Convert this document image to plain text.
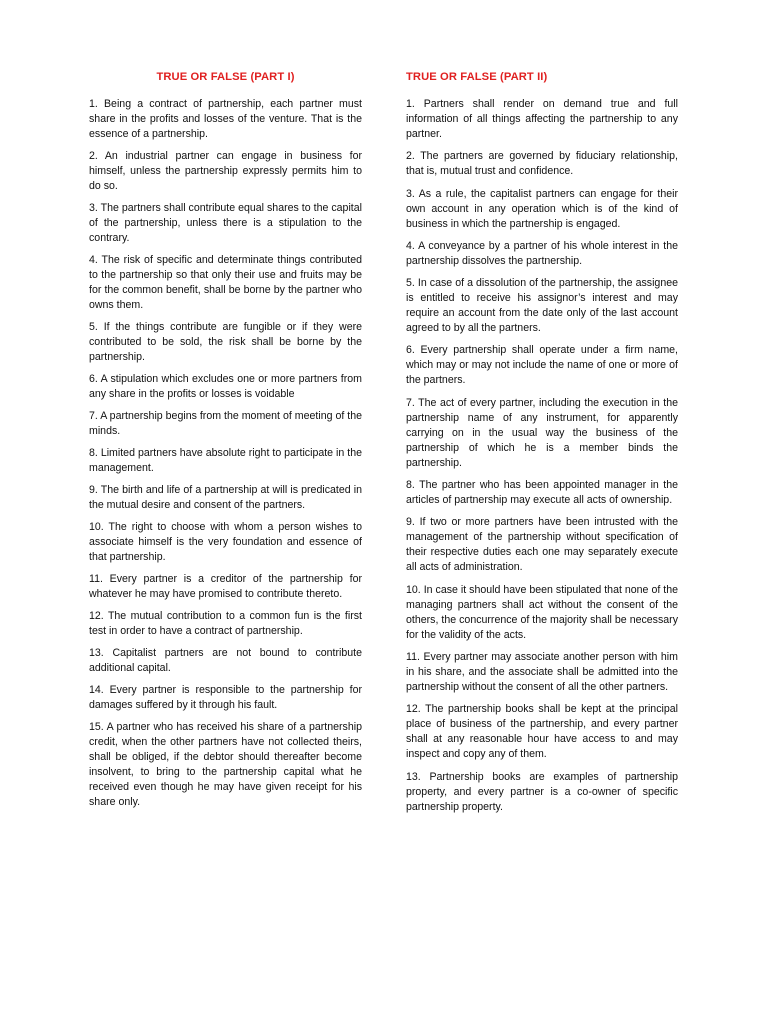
TRUE OR FALSE (PART I)

1. Being a contract of partnership, each partner must share in the profits and losses of the venture. That is the essence of a partnership.

2. An industrial partner can engage in business for himself, unless the partnership expressly permits him to do so.

3. The partners shall contribute equal shares to the capital of the partnership, unless there is a stipulation to the contrary.

4. The risk of specific and determinate things contributed to the partnership so that only their use and fruits may be for the common benefit, shall be borne by the partner who owns them.

5. If the things contribute are fungible or if they were contributed to be sold, the risk shall be borne by the partnership.

6. A stipulation which excludes one or more partners from any share in the profits or losses is voidable

7. A partnership begins from the moment of meeting of the minds.

8. Limited partners have absolute right to participate in the management.

9. The birth and life of a partnership at will is predicated in the mutual desire and consent of the partners.

10. The right to choose with whom a person wishes to associate himself is the very foundation and essence of that partnership.

11. Every partner is a creditor of the partnership for whatever he may have promised to contribute thereto.

12. The mutual contribution to a common fun is the first test in order to have a contract of partnership.

13. Capitalist partners are not bound to contribute additional capital.

14. Every partner is responsible to the partnership for damages suffered by it through his fault.

15. A partner who has received his share of a partnership credit, when the other partners have not collected theirs, shall be obliged, if the debtor should thereafter become insolvent, to bring to the partnership capital what he received even though he may have given receipt for his share only.

TRUE OR FALSE (PART II)

1. Partners shall render on demand true and full information of all things affecting the partnership to any partner.

2. The partners are governed by fiduciary relationship, that is, mutual trust and confidence.

3. As a rule, the capitalist partners can engage for their own account in any operation which is of the kind of business in which the partnership is engaged.

4. A conveyance by a partner of his whole interest in the partnership dissolves the partnership.

5. In case of a dissolution of the partnership, the assignee is entitled to receive his assignor’s interest and may require an account from the date only of the last account agreed to by all the partners.

6. Every partnership shall operate under a firm name, which may or may not include the name of one or more of the partners.

7. The act of every partner, including the execution in the partnership name of any instrument, for apparently carrying on in the usual way the business of the partnership of which he is a member binds the partnership.

8. The partner who has been appointed manager in the articles of partnership may execute all acts of ownership.

9. If two or more partners have been intrusted with the management of the partnership without specification of their respective duties each one may separately execute all acts of administration.

10. In case it should have been stipulated that none of the managing partners shall act without the consent of the others, the concurrence of the majority shall be necessary for the validity of the acts.

11. Every partner may associate another person with him in his share, and the associate shall be admitted into the partnership without the consent of all the other partners.

12. The partnership books shall be kept at the principal place of business of the partnership, and every partner shall at any reasonable hour have access to and may inspect and copy any of them.

13. Partnership books are examples of partnership property, and every partner is a co-owner of specific partnership property.
